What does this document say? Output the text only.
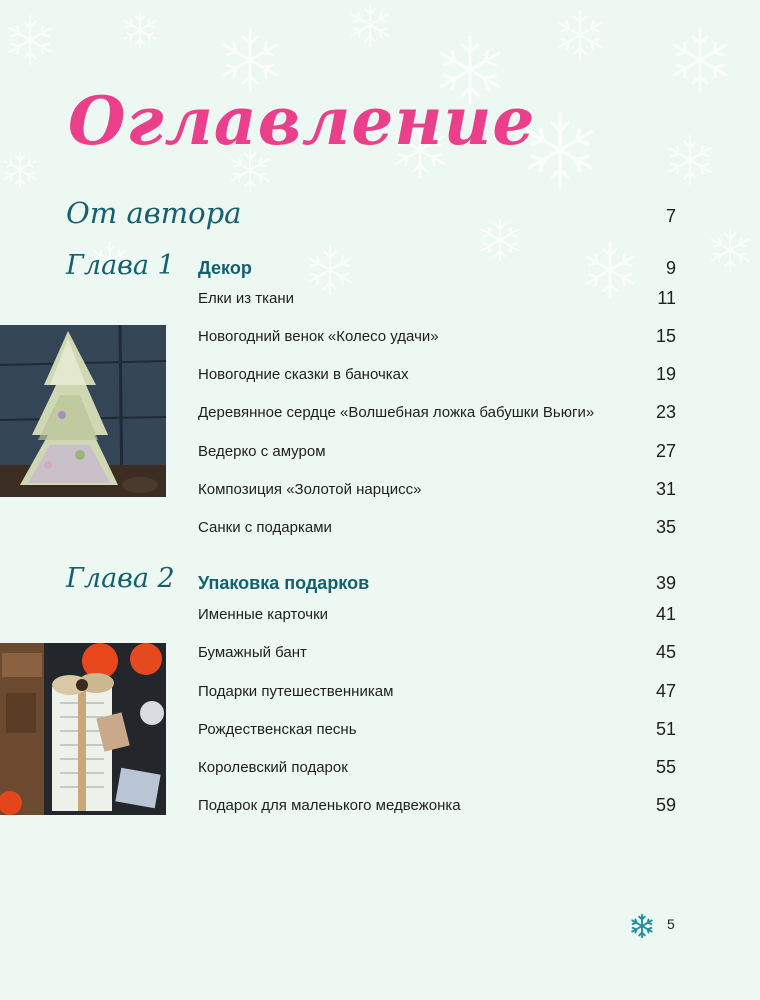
Оглавление
От автора	7
Глава 1 Декор	9
Елки из ткани	11
Новогодний венок «Колесо удачи»	15
Новогодние сказки в баночках	19
Деревянное сердце «Волшебная ложка бабушки Вьюги»	23
Ведерко с амуром	27
Композиция «Золотой нарцисс»	31
Санки с подарками	35
Глава 2 Упаковка подарков	39
Именные карточки	41
Бумажный бант	45
Подарки путешественникам	47
Рождественская песнь	51
Королевский подарок	55
Подарок для маленького медвежонка	59
5
